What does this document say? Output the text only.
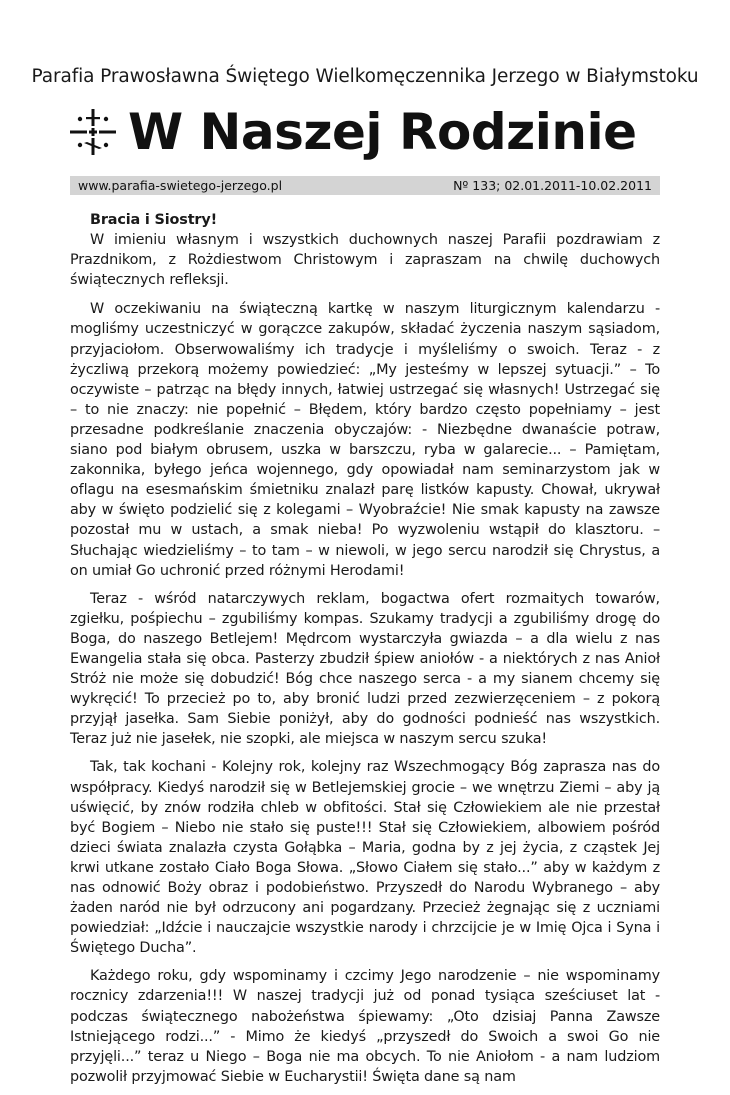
Parafia Prawosławna Świętego Wielkomęczennika Jerzego w Białymstoku
W Naszej Rodzinie
www.parafia-swietego-jerzego.pl	Nº 133; 02.01.2011-10.02.2011

Bracia i Siostry!

W imieniu własnym i wszystkich duchownych naszej Parafii pozdrawiam z Prazdnikom, z Rożdiestwom Christowym i zapraszam na chwilę duchowych świątecznych refleksji.

W oczekiwaniu na świąteczną kartkę w naszym liturgicznym kalendarzu - mogliśmy uczestniczyć w gorączce zakupów, składać życzenia naszym sąsiadom, przyjaciołom. Obserwowaliśmy ich tradycje i myśleliśmy o swoich. Teraz - z życzliwą przekorą możemy powiedzieć: „My jesteśmy w lepszej sytuacji.” – To oczywiste – patrząc na błędy innych, łatwiej ustrzegać się własnych! Ustrzegać się – to nie znaczy: nie popełnić – Błędem, który bardzo często popełniamy – jest przesadne podkreślanie znaczenia obyczajów: - Niezbędne dwanaście potraw, siano pod białym obrusem, uszka w barszczu, ryba w galarecie... – Pamiętam, zakonnika, byłego jeńca wojennego, gdy opowiadał nam seminarzystom jak w oflagu na esesmańskim śmietniku znalazł parę listków kapusty. Chował, ukrywał aby w święto podzielić się z kolegami – Wyobraźcie! Nie smak kapusty na zawsze pozostał mu w ustach, a smak nieba! Po wyzwoleniu wstąpił do klasztoru. – Słuchając wiedzieliśmy – to tam – w niewoli, w jego sercu narodził się Chrystus, a on umiał Go uchronić przed różnymi Herodami!

Teraz - wśród natarczywych reklam, bogactwa ofert rozmaitych towarów, zgiełku, pośpiechu – zgubiliśmy kompas. Szukamy tradycji a zgubiliśmy drogę do Boga, do naszego Betlejem! Mędrcom wystarczyła gwiazda – a dla wielu z nas Ewangelia stała się obca. Pasterzy zbudził śpiew aniołów - a niektórych z nas Anioł Stróż nie może się dobudzić! Bóg chce naszego serca - a my sianem chcemy się wykręcić! To przecież po to, aby bronić ludzi przed zezwierzęceniem – z pokorą przyjął jasełka. Sam Siebie poniżył, aby do godności podnieść nas wszystkich. Teraz już nie jasełek, nie szopki, ale miejsca w naszym sercu szuka!

Tak, tak kochani - Kolejny rok, kolejny raz Wszechmogący Bóg zaprasza nas do współpracy. Kiedyś narodził się w Betlejemskiej grocie – we wnętrzu Ziemi – aby ją uświęcić, by znów rodziła chleb w obfitości. Stał się Człowiekiem ale nie przestał być Bogiem – Niebo nie stało się puste!!! Stał się Człowiekiem, albowiem pośród dzieci świata znalazła czysta Gołąbka – Maria, godna by z jej życia, z cząstek Jej krwi utkane zostało Ciało Boga Słowa. „Słowo Ciałem się stało...” aby w każdym z nas odnowić Boży obraz i podobieństwo. Przyszedł do Narodu Wybranego – aby żaden naród nie był odrzucony ani pogardzany. Przecież żegnając się z uczniami powiedział: „Idźcie i nauczajcie wszystkie narody i chrzcijcie je w Imię Ojca i Syna i Świętego Ducha”.

Każdego roku, gdy wspominamy i czcimy Jego narodzenie – nie wspominamy rocznicy zdarzenia!!! W naszej tradycji już od ponad tysiąca sześciuset lat - podczas świątecznego nabożeństwa śpiewamy: „Oto dzisiaj Panna Zawsze Istniejącego rodzi...” - Mimo że kiedyś „przyszedł do Swoich a swoi Go nie przyjęli...” teraz u Niego – Boga nie ma obcych. To nie Aniołom - a nam ludziom pozwolił przyjmować Siebie w Eucharystii! Święta dane są nam
